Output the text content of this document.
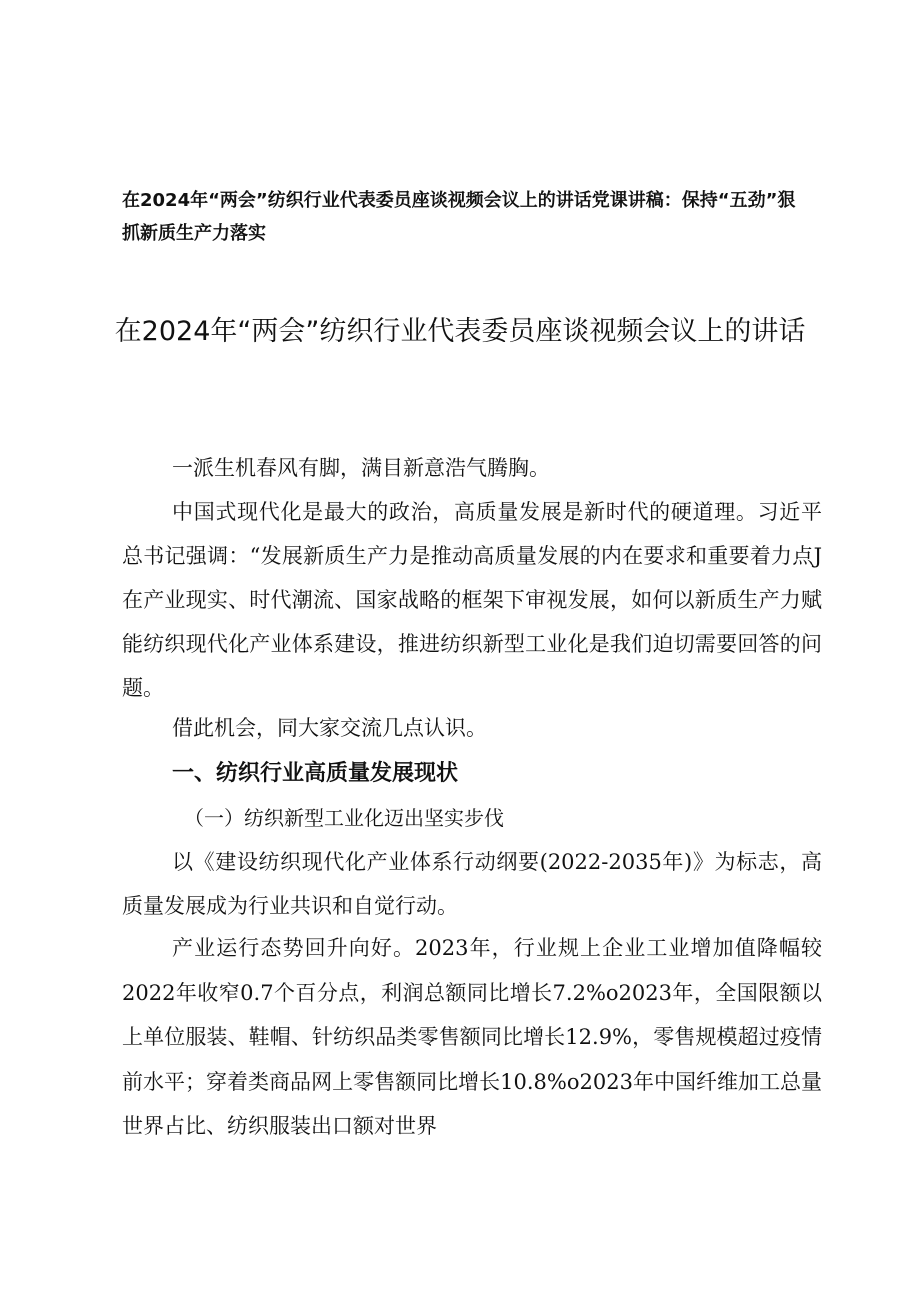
在2024年“两会”纺织行业代表委员座谈视频会议上的讲话党课讲稿：保持“五劲”狠抓新质生产力落实
在2024年“两会”纺织行业代表委员座谈视频会议上的讲话

一派生机春风有脚，满目新意浩气腾胸。

中国式现代化是最大的政治，高质量发展是新时代的硬道理。习近平总书记强调：“发展新质生产力是推动高质量发展的内在要求和重要着力点J在产业现实、时代潮流、国家战略的框架下审视发展，如何以新质生产力赋能纺织现代化产业体系建设，推进纺织新型工业化是我们迫切需要回答的问题。

借此机会，同大家交流几点认识。

一、纺织行业高质量发展现状
（一）纺织新型工业化迈出坚实步伐

以《建设纺织现代化产业体系行动纲要(2022-2035年)》为标志，高质量发展成为行业共识和自觉行动。

产业运行态势回升向好。2023年，行业规上企业工业增加值降幅较2022年收窄0.7个百分点，利润总额同比增长7.2%o2023年，全国限额以上单位服装、鞋帽、针纺织品类零售额同比增长12.9%，零售规模超过疫情前水平；穿着类商品网上零售额同比增长10.8%o2023年中国纤维加工总量世界占比、纺织服装出口额对世界
